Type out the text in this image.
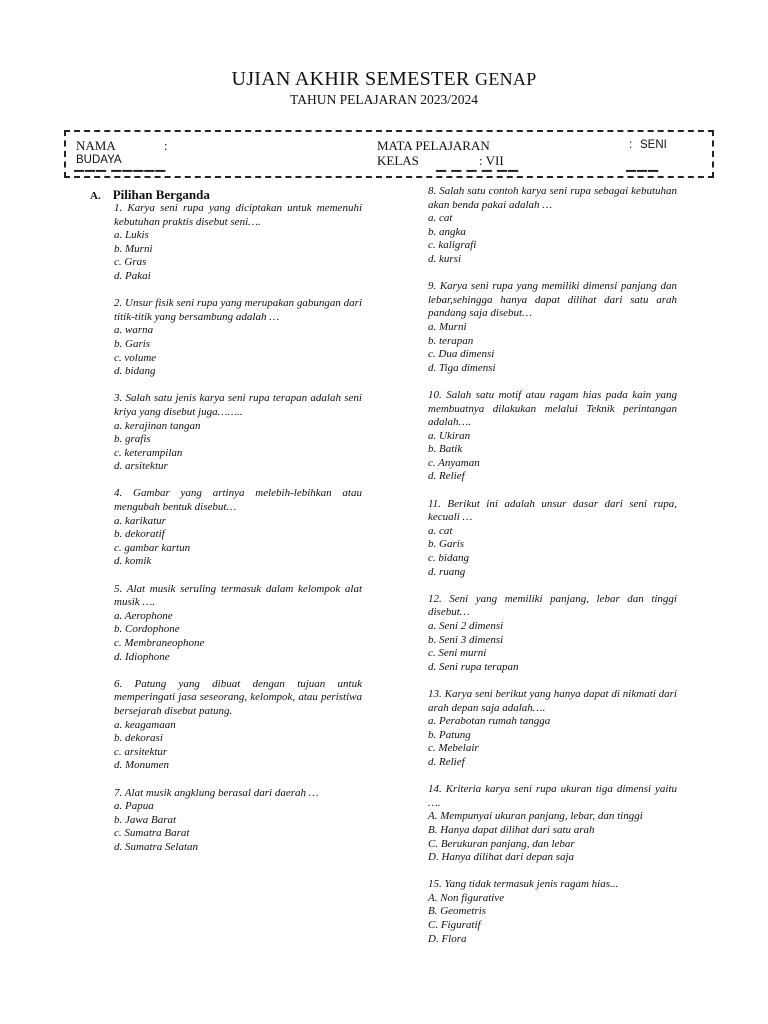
UJIAN AKHIR SEMESTER GENAP
TAHUN PELAJARAN 2023/2024
NAMA	:	MATA PELAJARAN	: SENI
BUDAYA	KELAS	: VII
▔▔▔ ▔▔▔▔▔	▔ ▔ ▔ ▔ ▔▔	▔▔▔
A. Pilihan Berganda

1. Karya seni rupa yang diciptakan untuk memenuhi kebutuhan praktis disebut seni….

a. Lukis

b. Murni

c. Gras

d. Pakai

2. Unsur fisik seni rupa yang merupakan gabungan dari titik-titik yang bersambung adalah …

a. warna

b. Garis

c. volume

d. bidang

3. Salah satu jenis karya seni rupa terapan adalah seni kriya yang disebut juga……..

a. kerajinan tangan

b. grafis

c. keterampilan

d. arsitektur

4. Gambar yang artinya melebih-lebihkan atau mengubah bentuk disebut…

a. karikatur

b. dekoratif

c. gambar kartun

d. komik

5. Alat musik seruling termasuk dalam kelompok alat musik ….

a. Aerophone

b. Cordophone

c. Membraneophone

d. Idiophone

6. Patung yang dibuat dengan tujuan untuk memperingati jasa seseorang, kelompok, atau peristiwa bersejarah disebut patung.

a. keagamaan

b. dekorasi

c. arsitektur

d. Monumen

7. Alat musik angklung berasal dari daerah …

a. Papua

b. Jawa Barat

c. Sumatra Barat

d. Sumatra Selatan

8. Salah satu contoh karya seni rupa sebagai kebutuhan akan benda pakai adalah …

a. cat

b. angka

c. kaligrafi

d. kursi

9. Karya seni rupa yang memiliki dimensi panjang dan lebar,sehingga hanya dapat dilihat dari satu arah pandang saja disebut…

a. Murni

b. terapan

c. Dua dimensi

d. Tiga dimensi

10. Salah satu motif atau ragam hias pada kain yang membuatnya dilakukan melalui Teknik perintangan adalah….

a. Ukiran

b. Batik

c. Anyaman

d. Relief

11. Berikut ini adalah unsur dasar dari seni rupa, kecuali …

a. cat

b. Garis

c. bidang

d. ruang

12. Seni yang memiliki panjang, lebar dan tinggi disebut…

a. Seni 2 dimensi

b. Seni 3 dimensi

c. Seni murni

d. Seni rupa terapan

13. Karya seni berikut yang hanya dapat di nikmati dari arah depan saja adalah….

a. Perabotan rumah tangga

b. Patung

c. Mebelair

d. Relief

14. Kriteria karya seni rupa ukuran tiga dimensi yaitu ….

A. Mempunyai ukuran panjang, lebar, dan tinggi

B. Hanya dapat dilihat dari satu arah

C. Berukuran panjang, dan lebar

D. Hanya dilihat dari depan saja

15. Yang tidak termasuk jenis ragam hias...

A. Non figurative

B. Geometris

C. Figuratif

D. Flora
